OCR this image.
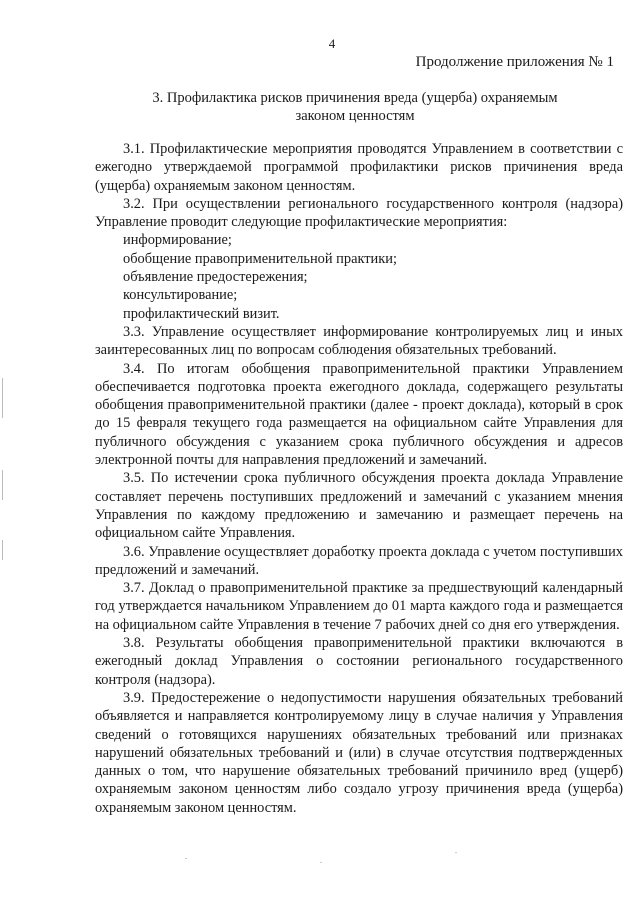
4
Продолжение приложения № 1
3. Профилактика рисков причинения вреда (ущерба) охраняемым
законом ценностям

3.1. Профилактические мероприятия проводятся Управлением в соответствии с ежегодно утверждаемой программой профилактики рисков причинения вреда (ущерба) охраняемым законом ценностям.

3.2. При осуществлении регионального государственного контроля (надзора) Управление проводит следующие профилактические мероприятия:

информирование;
обобщение правоприменительной практики;
объявление предостережения;
консультирование;
профилактический визит.

3.3. Управление осуществляет информирование контролируемых лиц и иных заинтересованных лиц по вопросам соблюдения обязательных требований.

3.4. По итогам обобщения правоприменительной практики Управлением обеспечивается подготовка проекта ежегодного доклада, содержащего результаты обобщения правоприменительной практики (далее - проект доклада), который в срок до 15 февраля текущего года размещается на официальном сайте Управления для публичного обсуждения с указанием срока публичного обсуждения и адресов электронной почты для направления предложений и замечаний.

3.5. По истечении срока публичного обсуждения проекта доклада Управление составляет перечень поступивших предложений и замечаний с указанием мнения Управления по каждому предложению и замечанию и размещает перечень на официальном сайте Управления.

3.6. Управление осуществляет доработку проекта доклада с учетом поступивших предложений и замечаний.

3.7. Доклад о правоприменительной практике за предшествующий календарный год утверждается начальником Управлением до 01 марта каждого года и размещается на официальном сайте Управления в течение 7 рабочих дней со дня его утверждения.

3.8. Результаты обобщения правоприменительной практики включаются в ежегодный доклад Управления о состоянии регионального государственного контроля (надзора).

3.9. Предостережение о недопустимости нарушения обязательных требований объявляется и направляется контролируемому лицу в случае наличия у Управления сведений о готовящихся нарушениях обязательных требований или признаках нарушений обязательных требований и (или) в случае отсутствия подтвержденных данных о том, что нарушение обязательных требований причинило вред (ущерб) охраняемым законом ценностям либо создало угрозу причинения вреда (ущерба) охраняемым законом ценностям.
